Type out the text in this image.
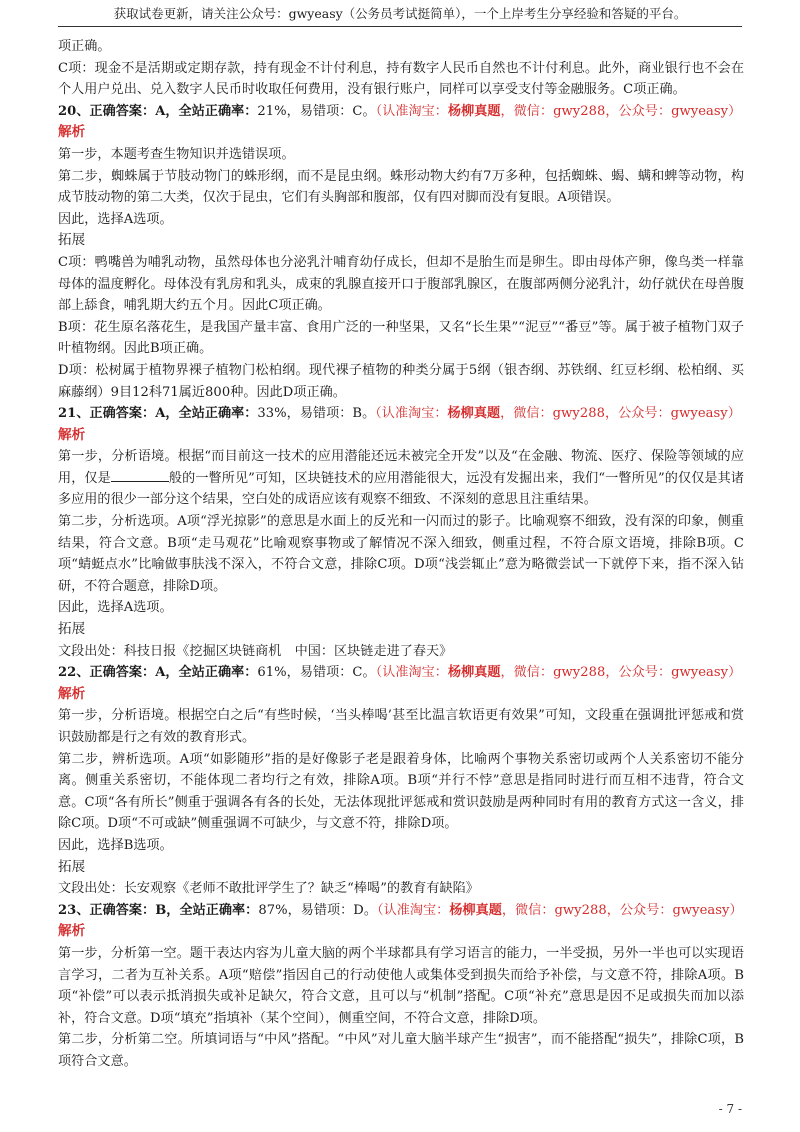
获取试卷更新，请关注公众号：gwyeasy（公务员考试挺简单），一个上岸考生分享经验和答疑的平台。

项正确。

C项：现金不是活期或定期存款，持有现金不计付利息，持有数字人民币自然也不计付利息。此外，商业银行也不会在个人用户兑出、兑入数字人民币时收取任何费用，没有银行账户，同样可以享受支付等金融服务。C项正确。

20、正确答案：A，全站正确率：21%，易错项：C。（认准淘宝：杨柳真题，微信：gwy288，公众号：gwyeasy）

解析

第一步，本题考查生物知识并选错误项。

第二步，蜘蛛属于节肢动物门的蛛形纲，而不是昆虫纲。蛛形动物大约有7万多种，包括蜘蛛、蝎、螨和蜱等动物，构成节肢动物的第二大类，仅次于昆虫，它们有头胸部和腹部，仅有四对脚而没有复眼。A项错误。

因此，选择A选项。

拓展

C项：鸭嘴兽为哺乳动物，虽然母体也分泌乳汁哺育幼仔成长，但却不是胎生而是卵生。即由母体产卵，像鸟类一样靠母体的温度孵化。母体没有乳房和乳头，成束的乳腺直接开口于腹部乳腺区，在腹部两侧分泌乳汁，幼仔就伏在母兽腹部上舔食，哺乳期大约五个月。因此C项正确。

B项：花生原名落花生，是我国产量丰富、食用广泛的一种坚果，又名“长生果”“泥豆”“番豆”等。属于被子植物门双子叶植物纲。因此B项正确。

D项：松树属于植物界裸子植物门松柏纲。现代裸子植物的种类分属于5纲（银杏纲、苏铁纲、红豆杉纲、松柏纲、买麻藤纲）9目12科71属近800种。因此D项正确。

21、正确答案：A，全站正确率：33%，易错项：B。（认准淘宝：杨柳真题，微信：gwy288，公众号：gwyeasy）

解析

第一步，分析语境。根据“而目前这一技术的应用潜能还远未被完全开发”以及“在金融、物流、医疗、保险等领域的应用，仅是	般的一瞥所见”可知，区块链技术的应用潜能很大，远没有发掘出来，我们“一瞥所见”的仅仅是其诸多应用的很少一部分这个结果，空白处的成语应该有观察不细致、不深刻的意思且注重结果。

第二步，分析选项。A项“浮光掠影”的意思是水面上的反光和一闪而过的影子。比喻观察不细致，没有深的印象，侧重结果，符合文意。B项“走马观花”比喻观察事物或了解情况不深入细致，侧重过程，不符合原文语境，排除B项。C项“蜻蜓点水”比喻做事肤浅不深入，不符合文意，排除C项。D项“浅尝辄止”意为略微尝试一下就停下来，指不深入钻研，不符合题意，排除D项。

因此，选择A选项。

拓展

文段出处：科技日报《挖掘区块链商机　中国：区块链走进了春天》

22、正确答案：A，全站正确率：61%，易错项：C。（认准淘宝：杨柳真题，微信：gwy288，公众号：gwyeasy）

解析

第一步，分析语境。根据空白之后“有些时候，‘当头棒喝’甚至比温言软语更有效果”可知，文段重在强调批评惩戒和赏识鼓励都是行之有效的教育形式。

第二步，辨析选项。A项“如影随形”指的是好像影子老是跟着身体，比喻两个事物关系密切或两个人关系密切不能分离。侧重关系密切，不能体现二者均行之有效，排除A项。B项“并行不悖”意思是指同时进行而互相不违背，符合文意。C项“各有所长”侧重于强调各有各的长处，无法体现批评惩戒和赏识鼓励是两种同时有用的教育方式这一含义，排除C项。D项“不可或缺”侧重强调不可缺少，与文意不符，排除D项。

因此，选择B选项。

拓展

文段出处：长安观察《老师不敢批评学生了？缺乏“棒喝”的教育有缺陷》

23、正确答案：B，全站正确率：87%，易错项：D。（认准淘宝：杨柳真题，微信：gwy288，公众号：gwyeasy）

解析

第一步，分析第一空。题干表达内容为儿童大脑的两个半球都具有学习语言的能力，一半受损，另外一半也可以实现语言学习，二者为互补关系。A项“赔偿”指因自己的行动使他人或集体受到损失而给予补偿，与文意不符，排除A项。B项“补偿”可以表示抵消损失或补足缺欠，符合文意，且可以与“机制”搭配。C项“补充”意思是因不足或损失而加以添补，符合文意。D项“填充”指填补（某个空间），侧重空间，不符合文意，排除D项。

第二步，分析第二空。所填词语与“中风”搭配。“中风”对儿童大脑半球产生“损害”，而不能搭配“损失”，排除C项，B项符合文意。

- 7 -
